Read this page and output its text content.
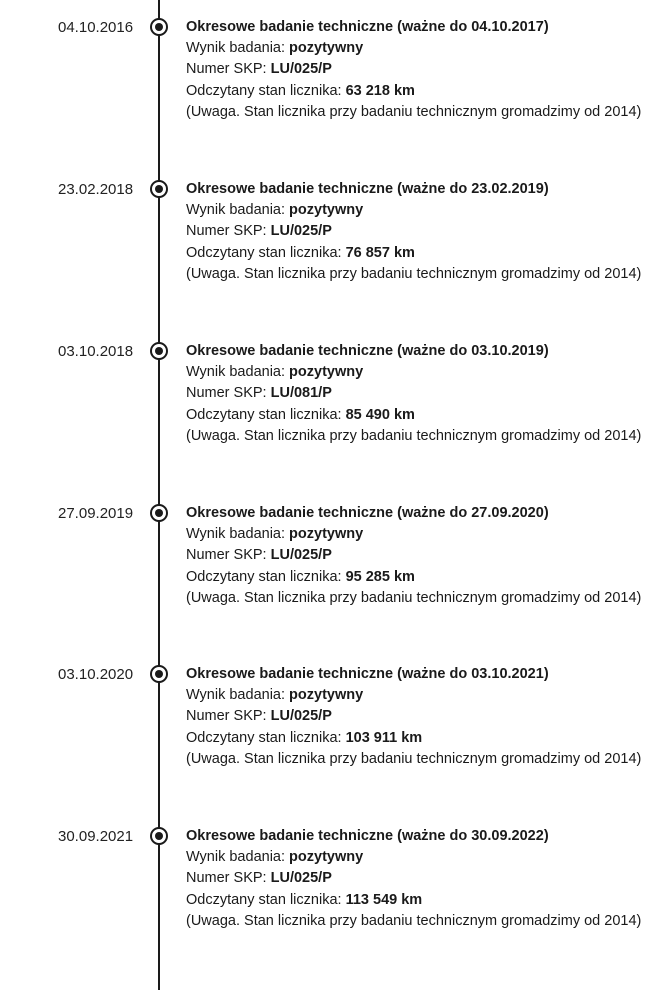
04.10.2016	Okresowe badanie techniczne (ważne do 04.10.2017)
Wynik badania: pozytywny
Numer SKP: LU/025/P
Odczytany stan licznika: 63 218 km
(Uwaga. Stan licznika przy badaniu technicznym gromadzimy od 2014)
23.02.2018	Okresowe badanie techniczne (ważne do 23.02.2019)
Wynik badania: pozytywny
Numer SKP: LU/025/P
Odczytany stan licznika: 76 857 km
(Uwaga. Stan licznika przy badaniu technicznym gromadzimy od 2014)
03.10.2018	Okresowe badanie techniczne (ważne do 03.10.2019)
Wynik badania: pozytywny
Numer SKP: LU/081/P
Odczytany stan licznika: 85 490 km
(Uwaga. Stan licznika przy badaniu technicznym gromadzimy od 2014)
27.09.2019	Okresowe badanie techniczne (ważne do 27.09.2020)
Wynik badania: pozytywny
Numer SKP: LU/025/P
Odczytany stan licznika: 95 285 km
(Uwaga. Stan licznika przy badaniu technicznym gromadzimy od 2014)
03.10.2020	Okresowe badanie techniczne (ważne do 03.10.2021)
Wynik badania: pozytywny
Numer SKP: LU/025/P
Odczytany stan licznika: 103 911 km
(Uwaga. Stan licznika przy badaniu technicznym gromadzimy od 2014)
30.09.2021	Okresowe badanie techniczne (ważne do 30.09.2022)
Wynik badania: pozytywny
Numer SKP: LU/025/P
Odczytany stan licznika: 113 549 km
(Uwaga. Stan licznika przy badaniu technicznym gromadzimy od 2014)
